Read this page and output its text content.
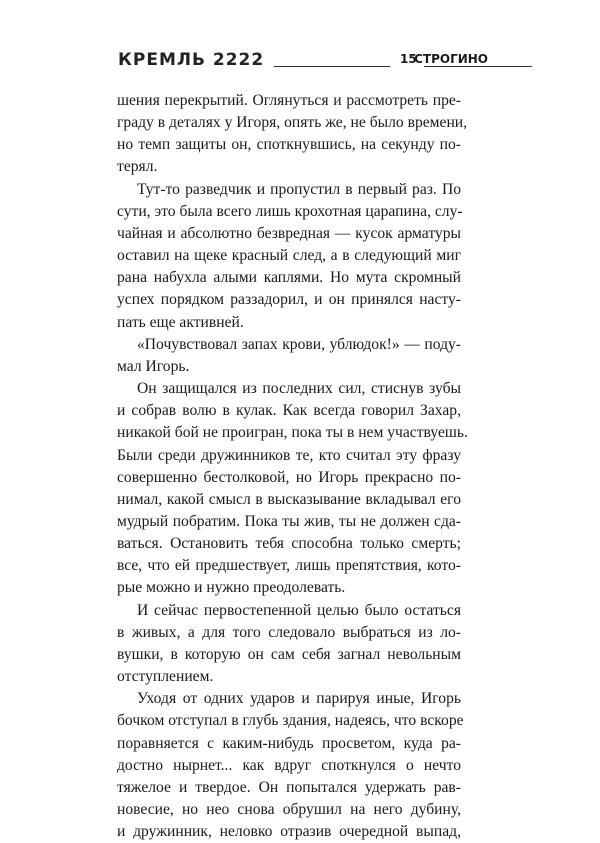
КРЕМЛЬ 2222	15
СТРОГИНО

шения перекрытий. Оглянуться и рассмотреть пре-
граду в деталях у Игоря, опять же, не было времени,
но темп защиты он, споткнувшись, на секунду по-
терял.

Тут-то разведчик и пропустил в первый раз. По
сути, это была всего лишь крохотная царапина, слу-
чайная и абсолютно безвредная — кусок арматуры
оставил на щеке красный след, а в следующий миг
рана набухла алыми каплями. Но мута скромный
успех порядком раззадорил, и он принялся насту-
пать еще активней.

«Почувствовал запах крови, ублюдок!» — поду-
мал Игорь.

Он защищался из последних сил, стиснув зубы
и собрав волю в кулак. Как всегда говорил Захар,
никакой бой не проигран, пока ты в нем участвуешь.
Были среди дружинников те, кто считал эту фразу
совершенно бестолковой, но Игорь прекрасно по-
нимал, какой смысл в высказывание вкладывал его
мудрый побратим. Пока ты жив, ты не должен сда-
ваться. Остановить тебя способна только смерть;
все, что ей предшествует, лишь препятствия, кото-
рые можно и нужно преодолевать.

И сейчас первостепенной целью было остаться
в живых, а для того следовало выбраться из ло-
вушки, в которую он сам себя загнал невольным
отступлением.

Уходя от одних ударов и парируя иные, Игорь
бочком отступал в глубь здания, надеясь, что вскоре
поравняется с каким-нибудь просветом, куда ра-
достно нырнет... как вдруг споткнулся о нечто
тяжелое и твердое. Он попытался удержать рав-
новесие, но нео снова обрушил на него дубину,
и дружинник, неловко отразив очередной выпад,
